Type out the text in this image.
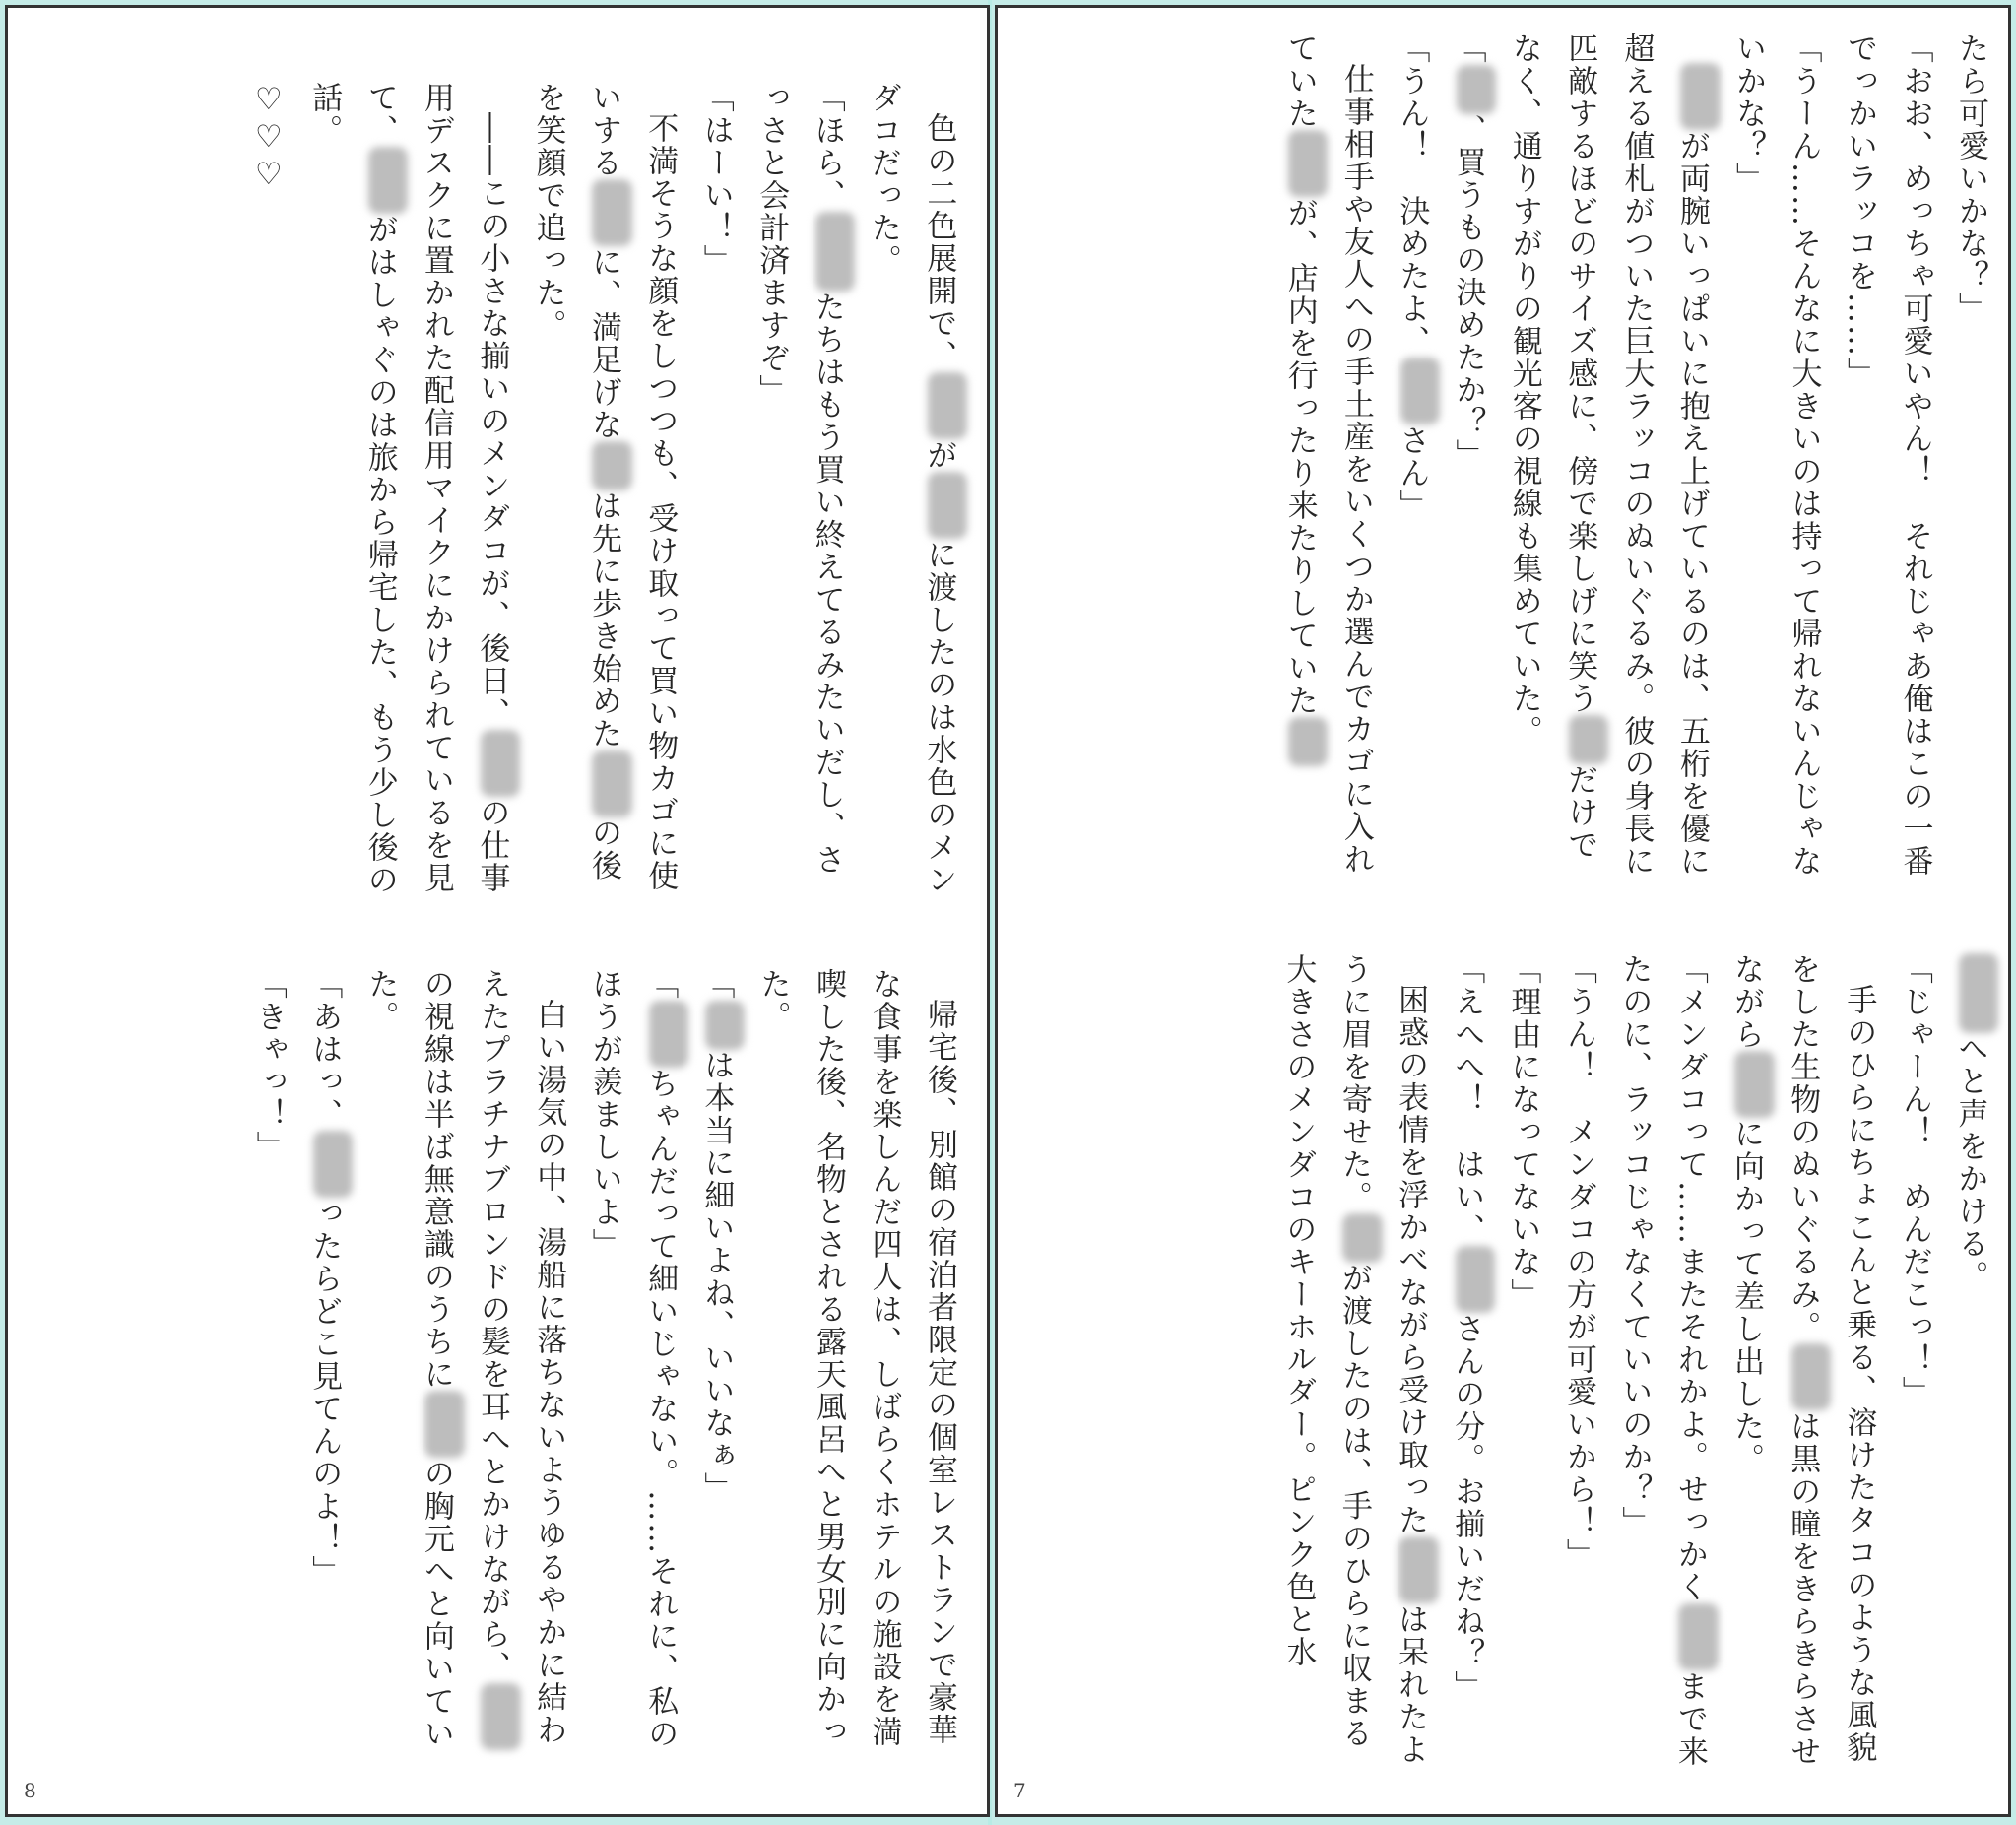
色の二色展開で、がに渡したのは水色のメンダコだった。

「ほら、たちはもう買い終えてるみたいだし、さっさと会計済ますぞ」

「はーい！」

不満そうな顔をしつつも、受け取って買い物カゴに使いするに、満足げなは先に歩き始めたの後を笑顔で追った。

――この小さな揃いのメンダコが、後日、の仕事用デスクに置かれた配信用マイクにかけられているを見て、がはしゃぐのは旅から帰宅した、もう少し後の話。

♡♡♡

帰宅後、別館の宿泊者限定の個室レストランで豪華な食事を楽しんだ四人は、しばらくホテルの施設を満喫した後、名物とされる露天風呂へと男女別に向かった。

「は本当に細いよね、いいなぁ」

「ちゃんだって細いじゃない。……それに、私のほうが羨ましいよ」

白い湯気の中、湯船に落ちないようゆるやかに結わえたプラチナブロンドの髪を耳へとかけながら、の視線は半ば無意識のうちにの胸元へと向いていた。

「あはっ、ったらどこ見てんのよ！」

「きゃっ！」

8

たら可愛いかな？」

「おお、めっちゃ可愛いやん！　それじゃあ俺はこの一番でっかいラッコを……」

「うーん……そんなに大きいのは持って帰れないんじゃないかな？」

が両腕いっぱいに抱え上げているのは、五桁を優に超える値札がついた巨大ラッコのぬいぐるみ。彼の身長に匹敵するほどのサイズ感に、傍で楽しげに笑うだけでなく、通りすがりの観光客の視線も集めていた。

「、買うもの決めたか？」

「うん！　決めたよ、さん」

仕事相手や友人への手土産をいくつか選んでカゴに入れていたが、店内を行ったり来たりしていた

へと声をかける。

「じゃーん！　めんだこっ！」

手のひらにちょこんと乗る、溶けたタコのような風貌をした生物のぬいぐるみ。は黒の瞳をきらきらさせながらに向かって差し出した。

「メンダコって……またそれかよ。せっかくまで来たのに、ラッコじゃなくていいのか？」

「うん！　メンダコの方が可愛いから！」

「理由になってないな」

「えへへ！　はい、さんの分。お揃いだね？」

困惑の表情を浮かべながら受け取ったは呆れたように眉を寄せた。が渡したのは、手のひらに収まる大きさのメンダコのキーホルダー。ピンク色と水

7
